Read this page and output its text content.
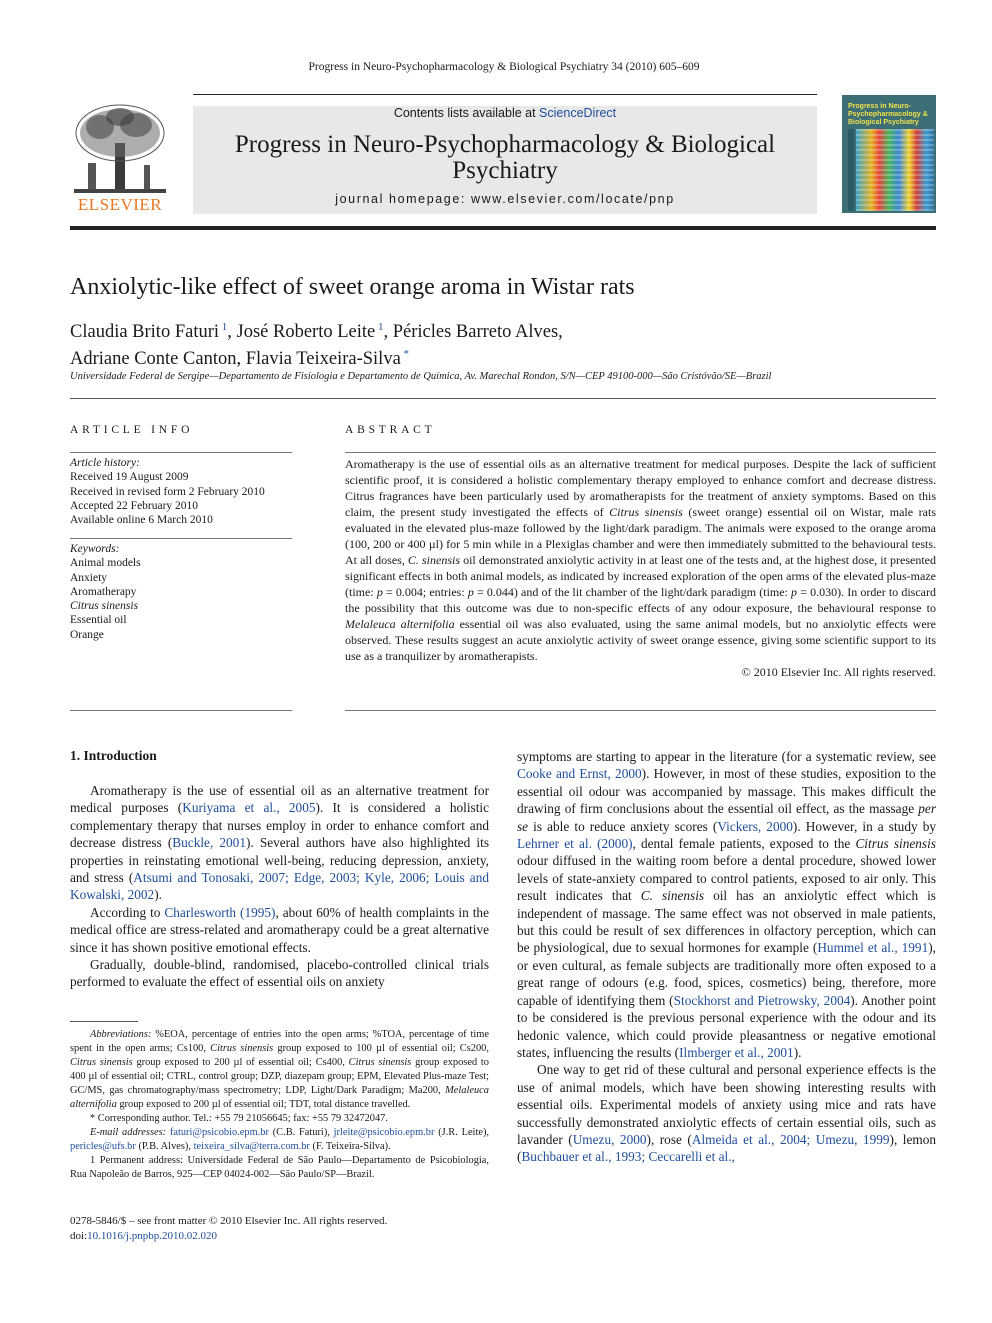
Progress in Neuro-Psychopharmacology & Biological Psychiatry 34 (2010) 605–609
ELSEVIER
Contents lists available at ScienceDirect
Progress in Neuro-Psychopharmacology & Biological Psychiatry
journal homepage: www.elsevier.com/locate/pnp
Progress in Neuro-Psychopharmacology & Biological Psychiatry
Anxiolytic-like effect of sweet orange aroma in Wistar rats
Claudia Brito Faturi $^1$, José Roberto Leite $^1$, Péricles Barreto Alves,
Adriane Conte Canton, Flavia Teixeira-Silva *
Universidade Federal de Sergipe—Departamento de Fisiologia e Departamento de Química, Av. Marechal Rondon, S/N—CEP 49100-000—São Cristóvão/SE—Brazil
ARTICLE INFO
Article history:
Received 19 August 2009
Received in revised form 2 February 2010
Accepted 22 February 2010
Available online 6 March 2010
Keywords:
Animal models
Anxiety
Aromatherapy
Citrus sinensis
Essential oil
Orange
ABSTRACT
Aromatherapy is the use of essential oils as an alternative treatment for medical purposes. Despite the lack of sufficient scientific proof, it is considered a holistic complementary therapy employed to enhance comfort and decrease distress. Citrus fragrances have been particularly used by aromatherapists for the treatment of anxiety symptoms. Based on this claim, the present study investigated the effects of Citrus sinensis (sweet orange) essential oil on Wistar, male rats evaluated in the elevated plus-maze followed by the light/dark paradigm. The animals were exposed to the orange aroma (100, 200 or 400 µl) for 5 min while in a Plexiglas chamber and were then immediately submitted to the behavioural tests. At all doses, C. sinensis oil demonstrated anxiolytic activity in at least one of the tests and, at the highest dose, it presented significant effects in both animal models, as indicated by increased exploration of the open arms of the elevated plus-maze (time: p = 0.004; entries: p = 0.044) and of the lit chamber of the light/dark paradigm (time: p = 0.030). In order to discard the possibility that this outcome was due to non-specific effects of any odour exposure, the behavioural response to Melaleuca alternifolia essential oil was also evaluated, using the same animal models, but no anxiolytic effects were observed. These results suggest an acute anxiolytic activity of sweet orange essence, giving some scientific support to its use as a tranquilizer by aromatherapists.
© 2010 Elsevier Inc. All rights reserved.
1. Introduction

Aromatherapy is the use of essential oil as an alternative treatment for medical purposes (Kuriyama et al., 2005). It is considered a holistic complementary therapy that nurses employ in order to enhance comfort and decrease distress (Buckle, 2001). Several authors have also highlighted its properties in reinstating emotional well-being, reducing depression, anxiety, and stress (Atsumi and Tonosaki, 2007; Edge, 2003; Kyle, 2006; Louis and Kowalski, 2002).

According to Charlesworth (1995), about 60% of health complaints in the medical office are stress-related and aromatherapy could be a great alternative since it has shown positive emotional effects.

Gradually, double-blind, randomised, placebo-controlled clinical trials performed to evaluate the effect of essential oils on anxiety

symptoms are starting to appear in the literature (for a systematic review, see Cooke and Ernst, 2000). However, in most of these studies, exposition to the essential oil odour was accompanied by massage. This makes difficult the drawing of firm conclusions about the essential oil effect, as the massage per se is able to reduce anxiety scores (Vickers, 2000). However, in a study by Lehrner et al. (2000), dental female patients, exposed to the Citrus sinensis odour diffused in the waiting room before a dental procedure, showed lower levels of state-anxiety compared to control patients, exposed to air only. This result indicates that C. sinensis oil has an anxiolytic effect which is independent of massage. The same effect was not observed in male patients, but this could be result of sex differences in olfactory perception, which can be physiological, due to sexual hormones for example (Hummel et al., 1991), or even cultural, as female subjects are traditionally more often exposed to a great range of odours (e.g. food, spices, cosmetics) being, therefore, more capable of identifying them (Stockhorst and Pietrowsky, 2004). Another point to be considered is the previous personal experience with the odour and its hedonic valence, which could provide pleasantness or negative emotional states, influencing the results (Ilmberger et al., 2001).

One way to get rid of these cultural and personal experience effects is the use of animal models, which have been showing interesting results with essential oils. Experimental models of anxiety using mice and rats have successfully demonstrated anxiolytic effects of certain essential oils, such as lavander (Umezu, 2000), rose (Almeida et al., 2004; Umezu, 1999), lemon (Buchbauer et al., 1993; Ceccarelli et al.,

Abbreviations: %EOA, percentage of entries into the open arms; %TOA, percentage of time spent in the open arms; Cs100, Citrus sinensis group exposed to 100 µl of essential oil; Cs200, Citrus sinensis group exposed to 200 µl of essential oil; Cs400, Citrus sinensis group exposed to 400 µl of essential oil; CTRL, control group; DZP, diazepam group; EPM, Elevated Plus-maze Test; GC/MS, gas chromatography/mass spectrometry; LDP, Light/Dark Paradigm; Ma200, Melaleuca alternifolia group exposed to 200 µl of essential oil; TDT, total distance travelled.

* Corresponding author. Tel.: +55 79 21056645; fax: +55 79 32472047.

E-mail addresses: faturi@psicobio.epm.br (C.B. Faturi), jrleite@psicobio.epm.br (J.R. Leite), pericles@ufs.br (P.B. Alves), teixeira_silva@terra.com.br (F. Teixeira-Silva).

1 Permanent address: Universidade Federal de São Paulo—Departamento de Psicobiologia, Rua Napoleão de Barros, 925—CEP 04024-002—São Paulo/SP—Brazil.

0278-5846/$ – see front matter © 2010 Elsevier Inc. All rights reserved.
doi:10.1016/j.pnpbp.2010.02.020
